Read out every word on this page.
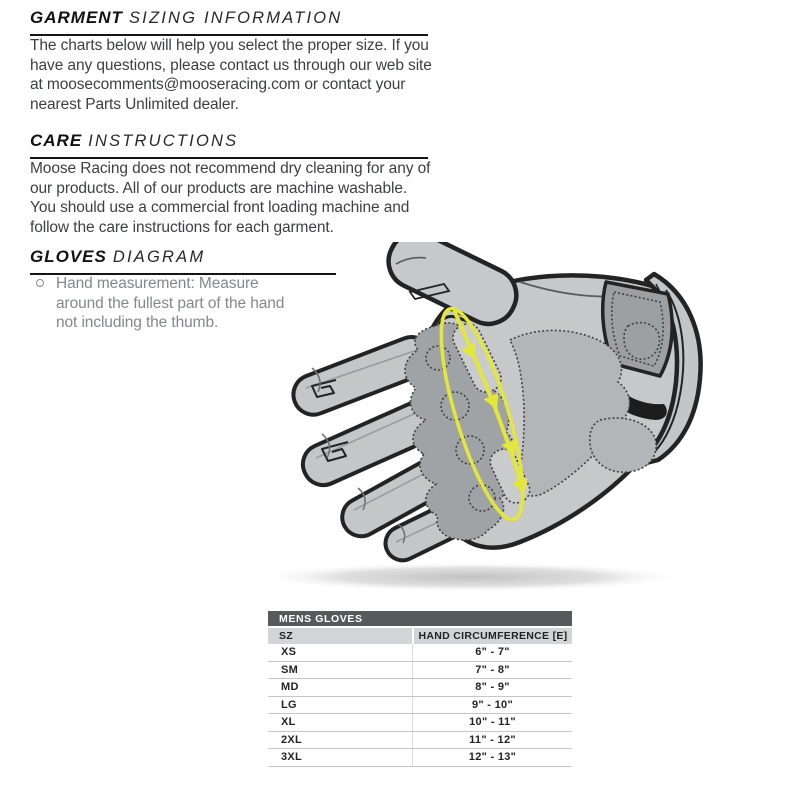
GARMENT SIZING INFORMATION
The charts below will help you select the proper size. If you have any questions, please contact us through our web site at moosecomments@mooseracing.com or contact your nearest Parts Unlimited dealer.
CARE INSTRUCTIONS
Moose Racing does not recommend dry cleaning for any of our products. All of our products are machine washable. You should use a commercial front loading machine and follow the care instructions for each garment.
GLOVES DIAGRAM
Hand measurement: Measure around the fullest part of the hand not including the thumb.
MENS GLOVES
SZ	HAND CIRCUMFERENCE [E]
XS	6" - 7"
SM	7" - 8"
MD	8" - 9"
LG	9" - 10"
XL	10" - 11"
2XL	11" - 12"
3XL	12" - 13"
